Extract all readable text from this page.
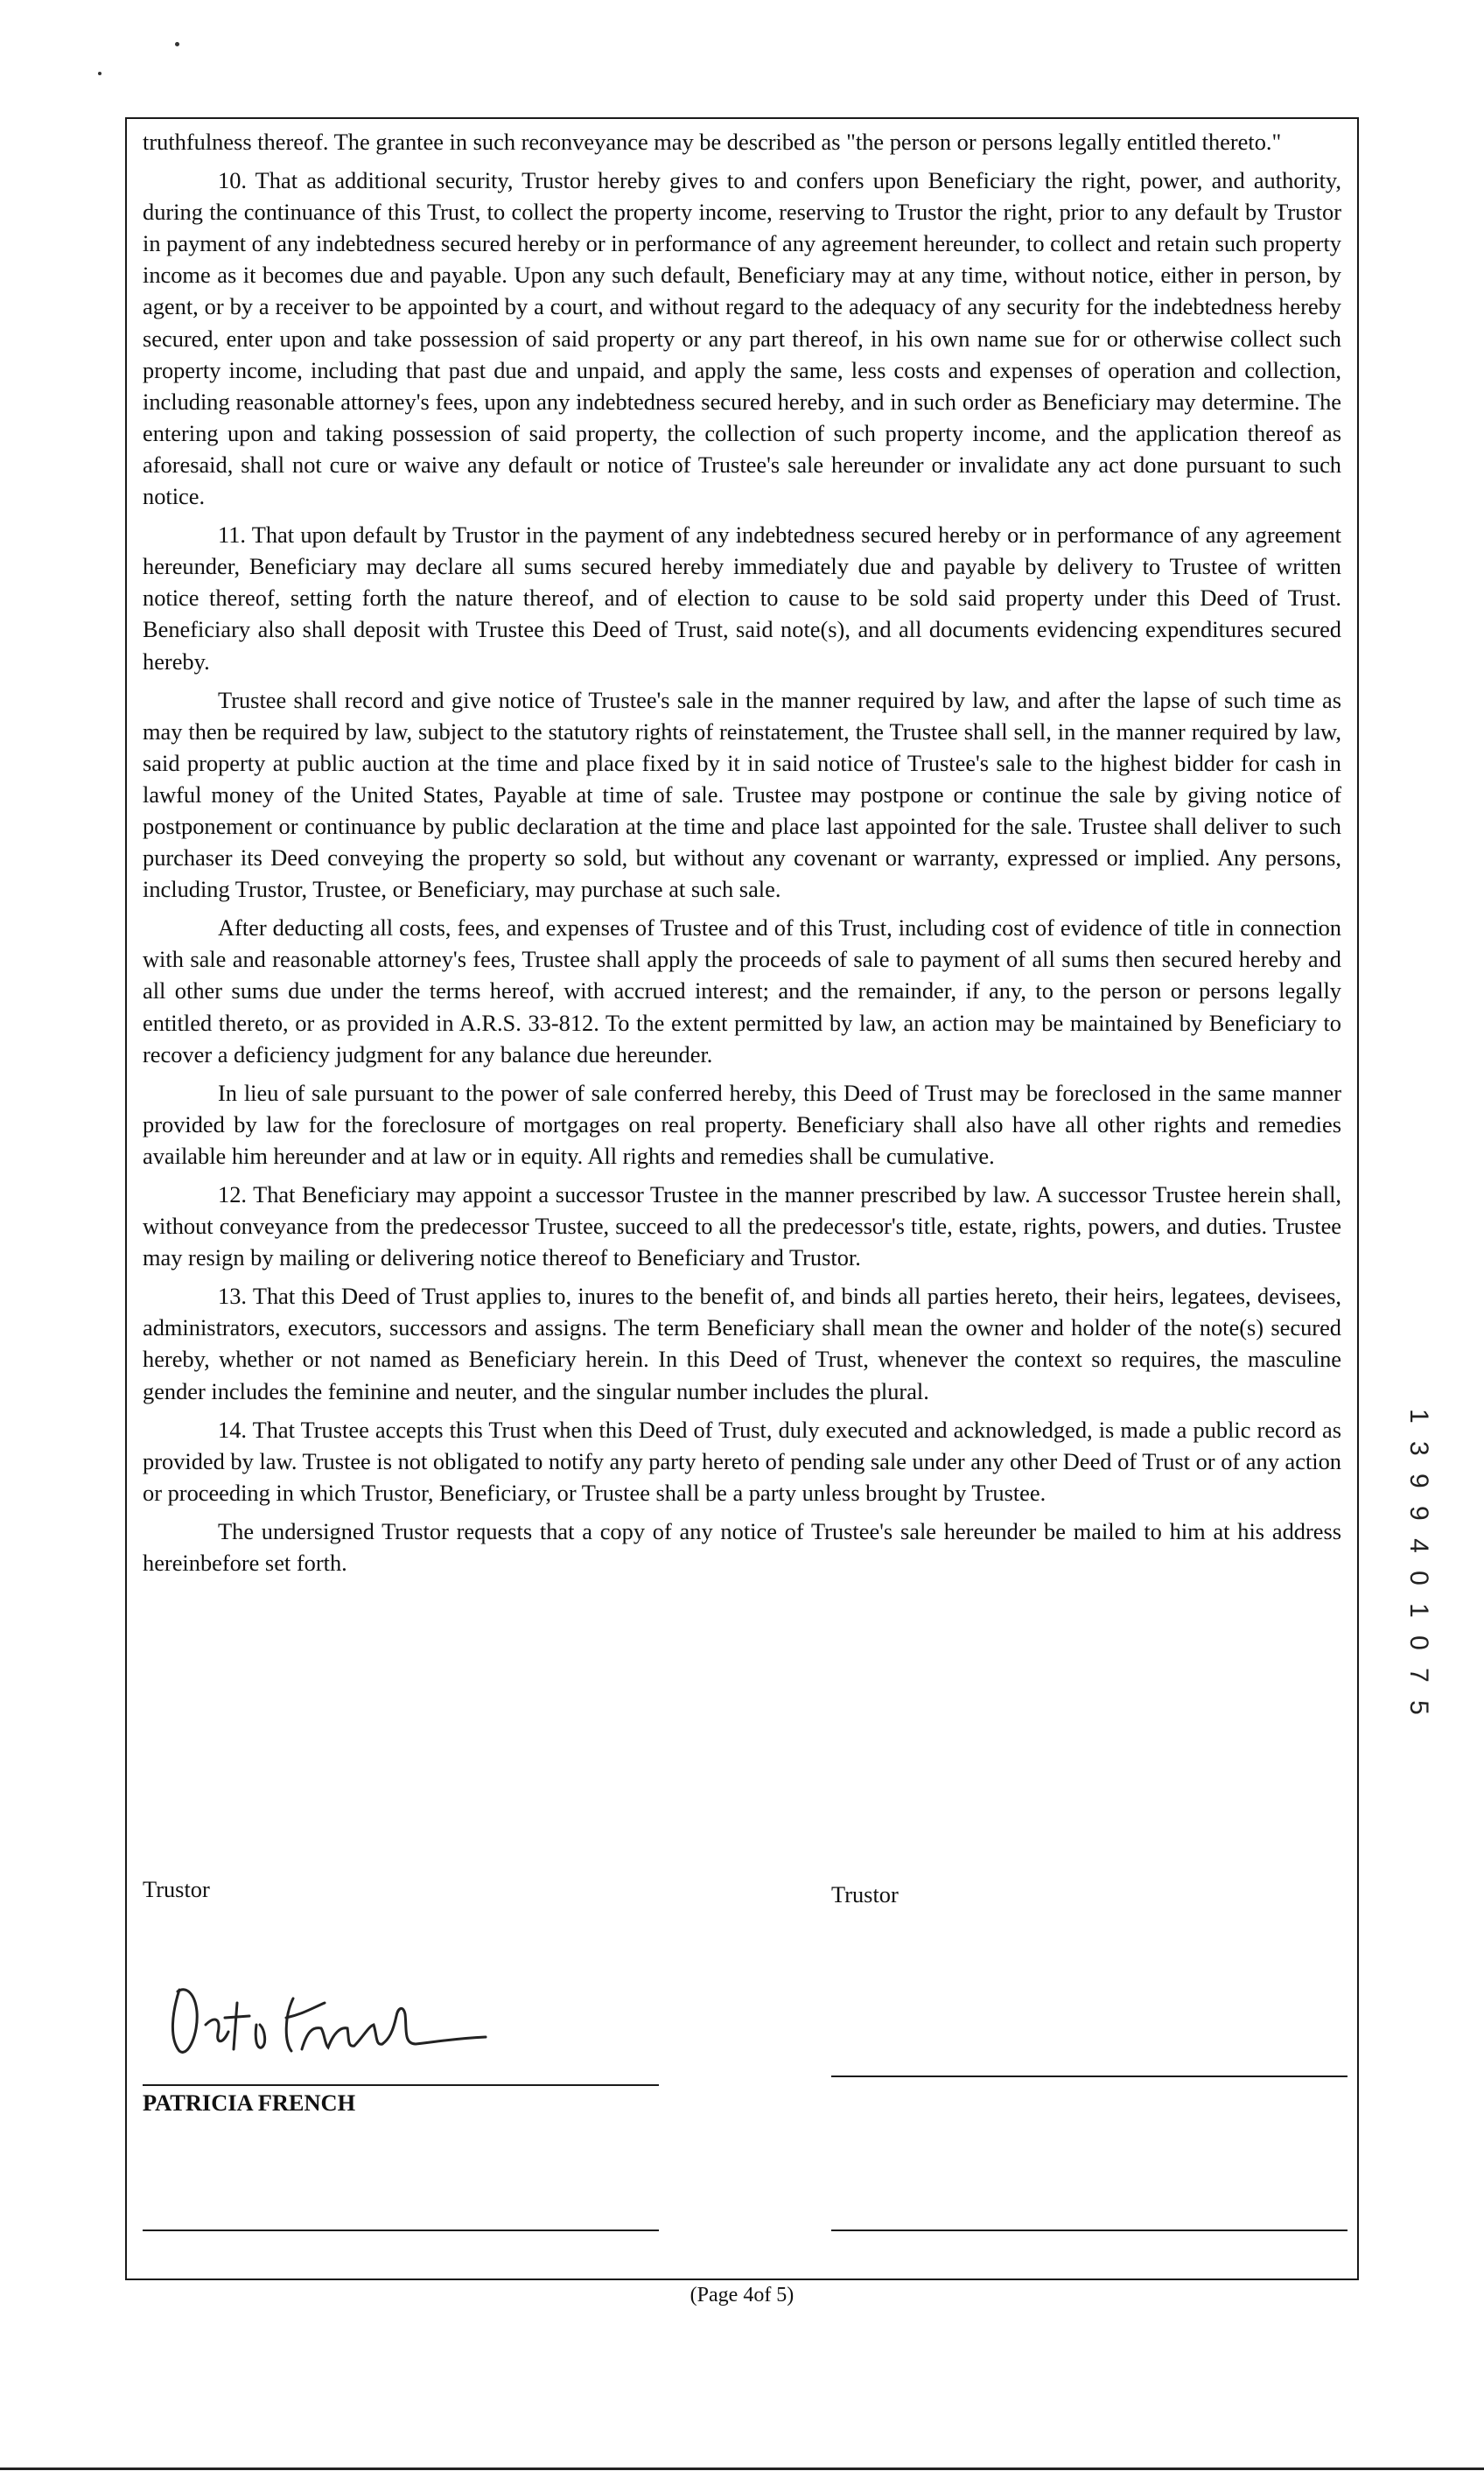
truthfulness thereof. The grantee in such reconveyance may be described as "the person or persons legally entitled thereto."

10. That as additional security, Trustor hereby gives to and confers upon Beneficiary the right, power, and authority, during the continuance of this Trust, to collect the property income, reserving to Trustor the right, prior to any default by Trustor in payment of any indebtedness secured hereby or in performance of any agreement hereunder, to collect and retain such property income as it becomes due and payable. Upon any such default, Beneficiary may at any time, without notice, either in person, by agent, or by a receiver to be appointed by a court, and without regard to the adequacy of any security for the indebtedness hereby secured, enter upon and take possession of said property or any part thereof, in his own name sue for or otherwise collect such property income, including that past due and unpaid, and apply the same, less costs and expenses of operation and collection, including reasonable attorney's fees, upon any indebtedness secured hereby, and in such order as Beneficiary may determine. The entering upon and taking possession of said property, the collection of such property income, and the application thereof as aforesaid, shall not cure or waive any default or notice of Trustee's sale hereunder or invalidate any act done pursuant to such notice.

11. That upon default by Trustor in the payment of any indebtedness secured hereby or in performance of any agreement hereunder, Beneficiary may declare all sums secured hereby immediately due and payable by delivery to Trustee of written notice thereof, setting forth the nature thereof, and of election to cause to be sold said property under this Deed of Trust. Beneficiary also shall deposit with Trustee this Deed of Trust, said note(s), and all documents evidencing expenditures secured hereby.

Trustee shall record and give notice of Trustee's sale in the manner required by law, and after the lapse of such time as may then be required by law, subject to the statutory rights of reinstatement, the Trustee shall sell, in the manner required by law, said property at public auction at the time and place fixed by it in said notice of Trustee's sale to the highest bidder for cash in lawful money of the United States, Payable at time of sale. Trustee may postpone or continue the sale by giving notice of postponement or continuance by public declaration at the time and place last appointed for the sale. Trustee shall deliver to such purchaser its Deed conveying the property so sold, but without any covenant or warranty, expressed or implied. Any persons, including Trustor, Trustee, or Beneficiary, may purchase at such sale.

After deducting all costs, fees, and expenses of Trustee and of this Trust, including cost of evidence of title in connection with sale and reasonable attorney's fees, Trustee shall apply the proceeds of sale to payment of all sums then secured hereby and all other sums due under the terms hereof, with accrued interest; and the remainder, if any, to the person or persons legally entitled thereto, or as provided in A.R.S. 33-812. To the extent permitted by law, an action may be maintained by Beneficiary to recover a deficiency judgment for any balance due hereunder.

In lieu of sale pursuant to the power of sale conferred hereby, this Deed of Trust may be foreclosed in the same manner provided by law for the foreclosure of mortgages on real property. Beneficiary shall also have all other rights and remedies available him hereunder and at law or in equity. All rights and remedies shall be cumulative.

12. That Beneficiary may appoint a successor Trustee in the manner prescribed by law. A successor Trustee herein shall, without conveyance from the predecessor Trustee, succeed to all the predecessor's title, estate, rights, powers, and duties. Trustee may resign by mailing or delivering notice thereof to Beneficiary and Trustor.

13. That this Deed of Trust applies to, inures to the benefit of, and binds all parties hereto, their heirs, legatees, devisees, administrators, executors, successors and assigns. The term Beneficiary shall mean the owner and holder of the note(s) secured hereby, whether or not named as Beneficiary herein. In this Deed of Trust, whenever the context so requires, the masculine gender includes the feminine and neuter, and the singular number includes the plural.

14. That Trustee accepts this Trust when this Deed of Trust, duly executed and acknowledged, is made a public record as provided by law. Trustee is not obligated to notify any party hereto of pending sale under any other Deed of Trust or of any action or proceeding in which Trustor, Beneficiary, or Trustee shall be a party unless brought by Trustee.

The undersigned Trustor requests that a copy of any notice of Trustee's sale hereunder be mailed to him at his address hereinbefore set forth.

Trustor
PATRICIA FRENCH
Trustor
1 3 9 9 4 0 1 0 7 5
(Page 4of 5)
